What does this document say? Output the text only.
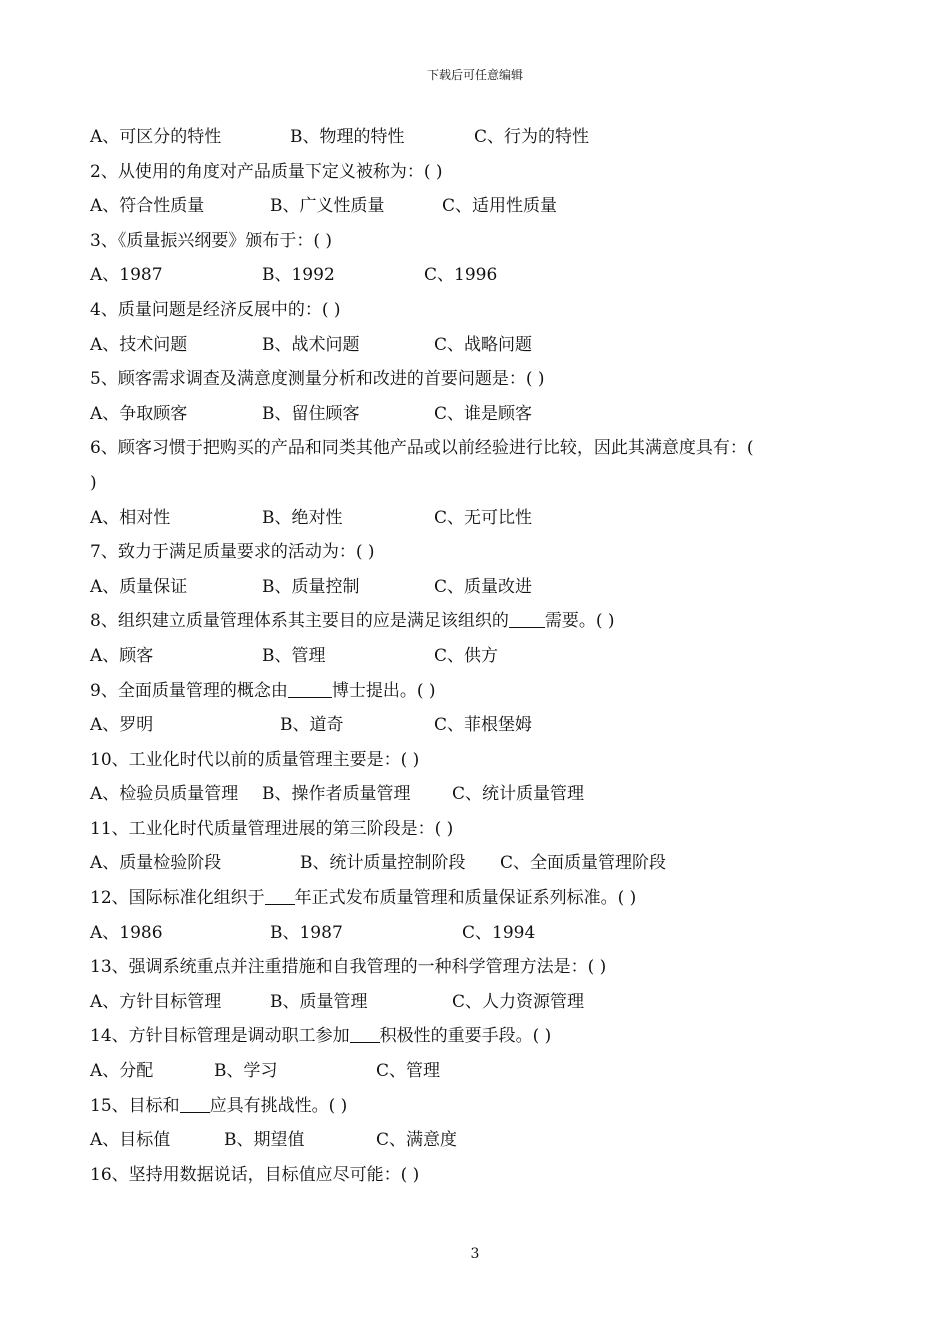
下载后可任意编辑
A、可区分的特性	B、物理的特性	C、行为的特性
2、从使用的角度对产品质量下定义被称为：( )
A、符合性质量	B、广义性质量	C、适用性质量
3、《质量振兴纲要》颁布于：( )
A、1987	B、1992	C、1996
4、质量问题是经济反展中的：( )
A、技术问题	B、战术问题	C、战略问题
5、顾客需求调查及满意度测量分析和改进的首要问题是：( )
A、争取顾客	B、留住顾客	C、谁是顾客
6、顾客习惯于把购买的产品和同类其他产品或以前经验进行比较，因此其满意度具有：(
)
A、相对性	B、绝对性	C、无可比性
7、致力于满足质量要求的活动为：( )
A、质量保证	B、质量控制	C、质量改进
8、组织建立质量管理体系其主要目的应是满足该组织的 需要。( )
A、顾客	B、管理	C、供方
9、全面质量管理的概念由	博士提出。( )
A、罗明	B、道奇	C、菲根堡姆
10、工业化时代以前的质量管理主要是：( )
A、检验员质量管理 B、操作者质量管理 C、统计质量管理
11、工业化时代质量管理进展的第三阶段是：( )
A、质量检验阶段	B、统计质量控制阶段 C、全面质量管理阶段
12、国际标准化组织于 年正式发布质量管理和质量保证系列标准。( )
A、1986	B、1987	C、1994
13、强调系统重点并注重措施和自我管理的一种科学管理方法是：( )
A、方针目标管理	B、质量管理	C、人力资源管理
14、方针目标管理是调动职工参加 积极性的重要手段。( )
A、分配	B、学习	C、管理
15、目标和 应具有挑战性。( )
A、目标值	B、期望值	C、满意度
16、坚持用数据说话，目标值应尽可能：( )
3
